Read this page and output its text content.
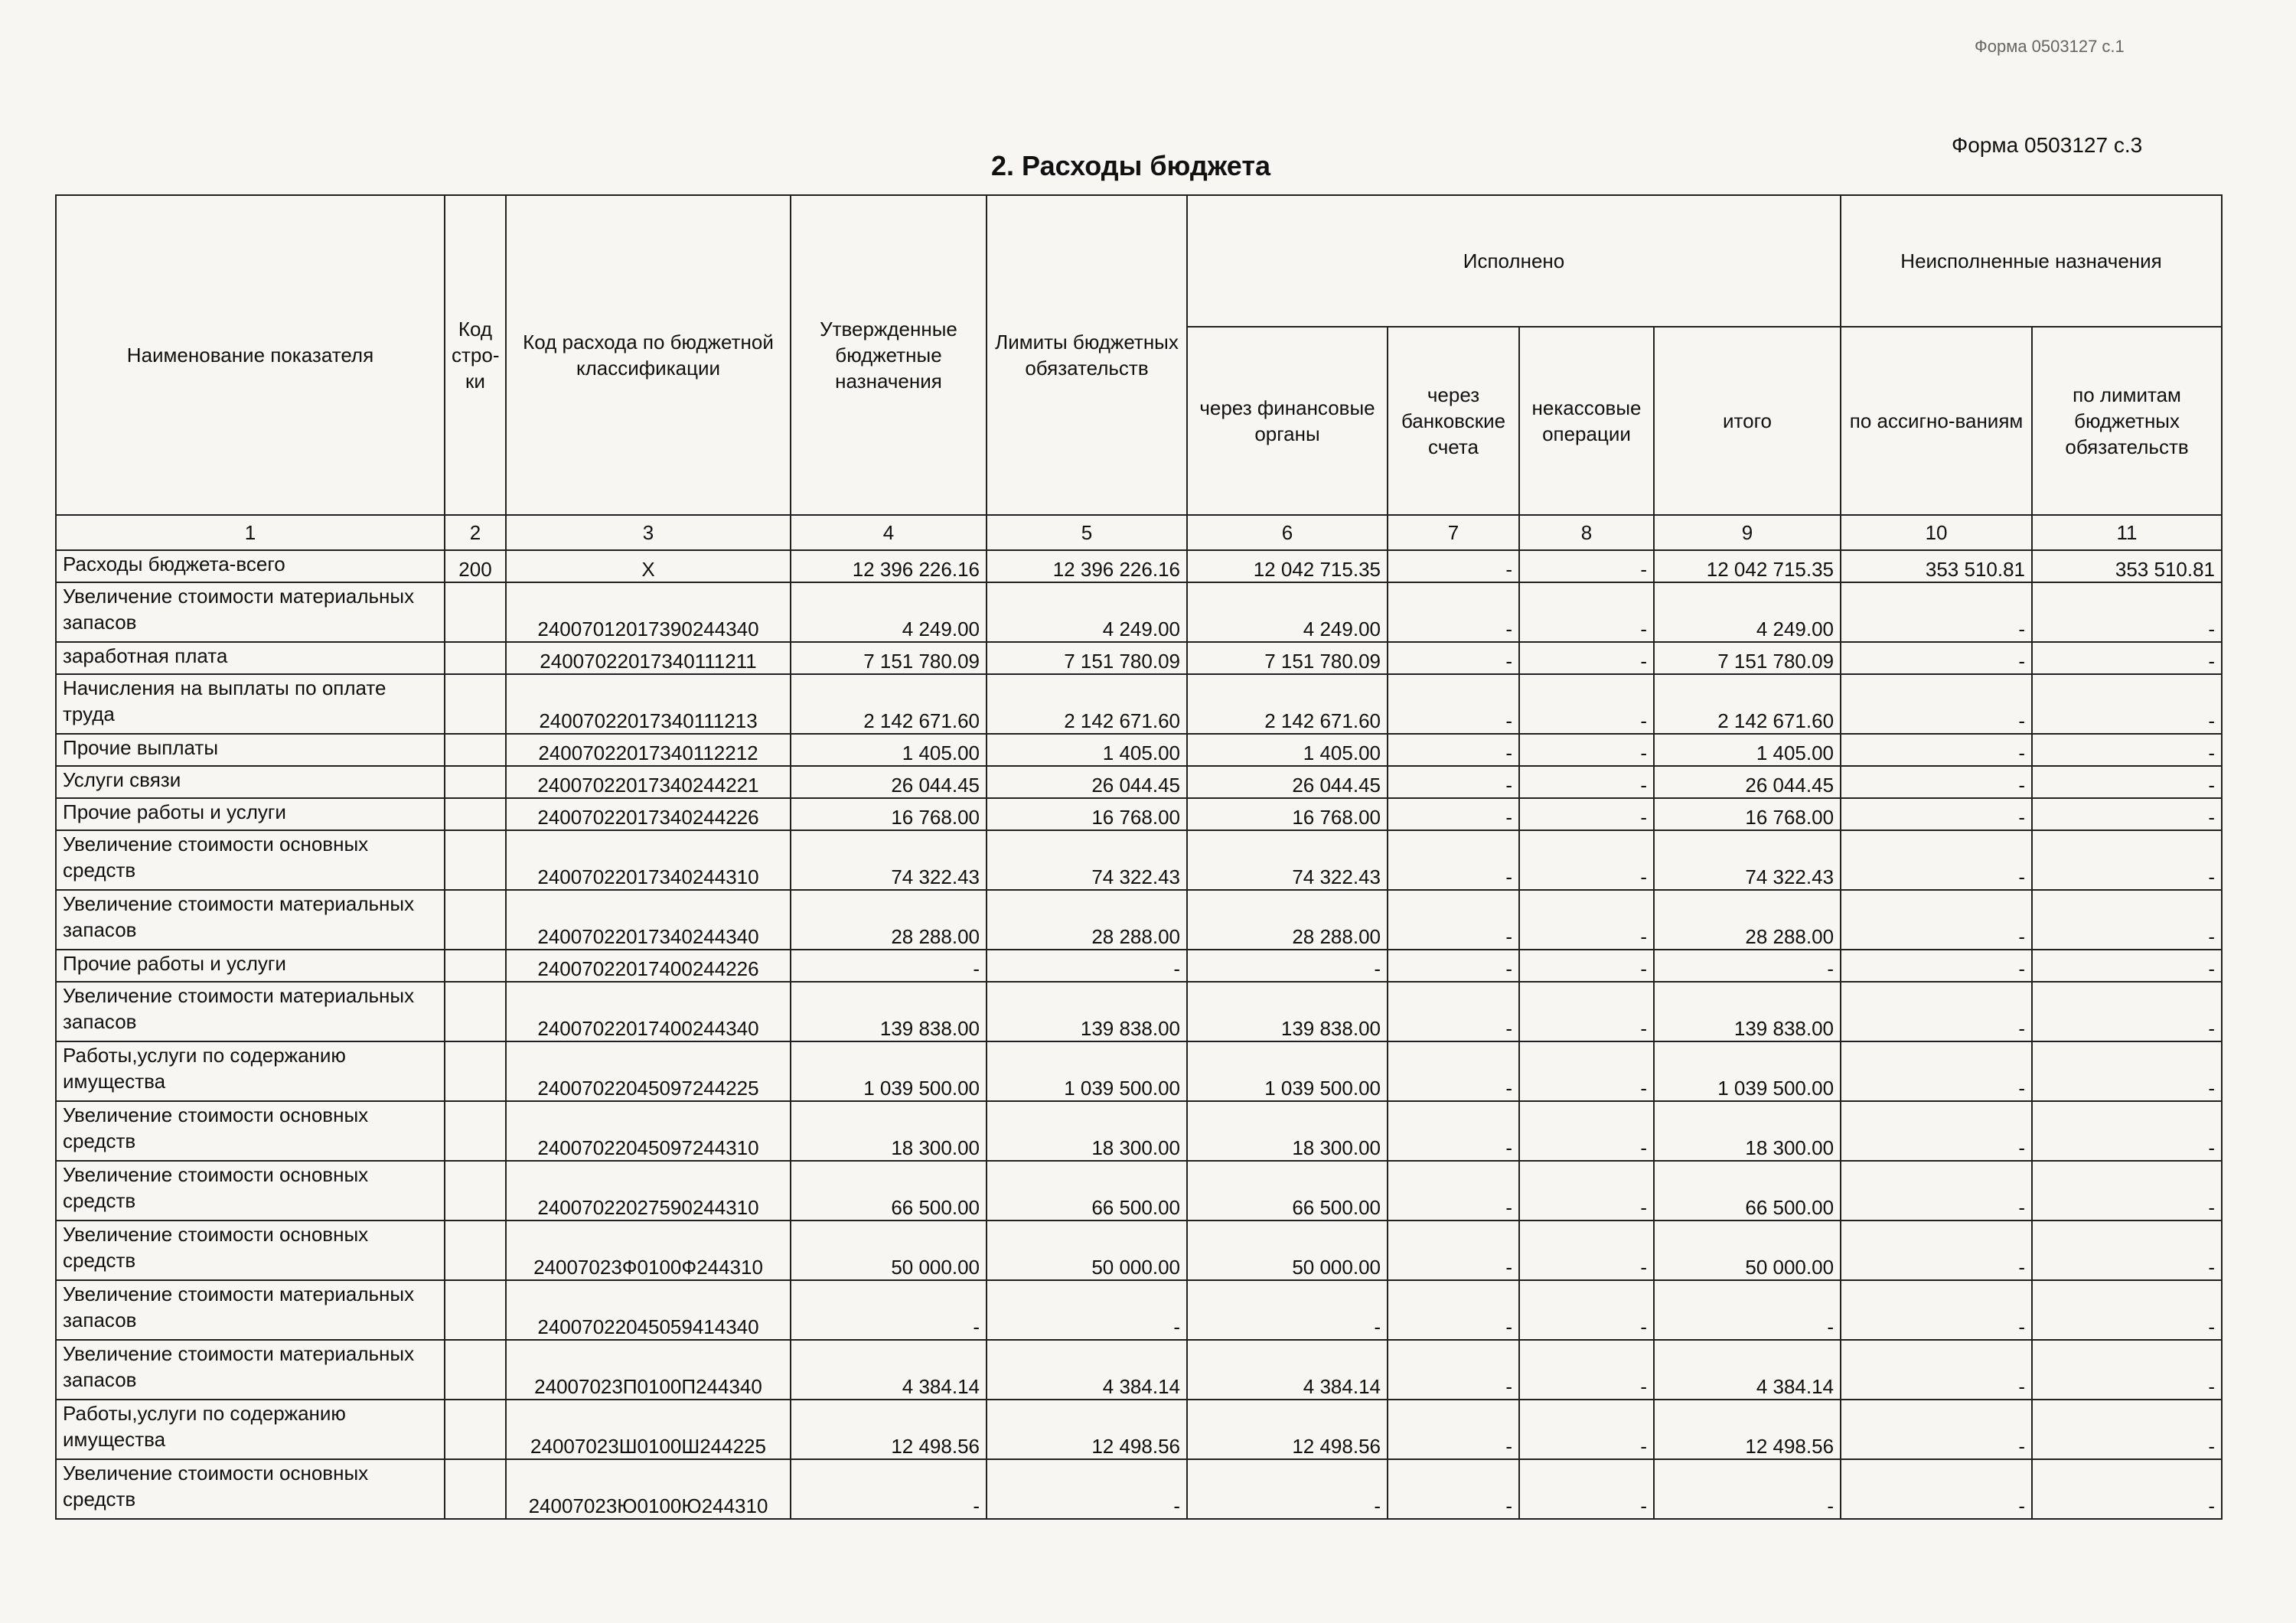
Форма 0503127 с.1
Форма 0503127 с.3
2. Расходы бюджета
Наименование показателя	Код стро-ки	Код расхода по бюджетной классификации	Утвержденные бюджетные назначения	Лимиты бюджетных обязательств	Исполнено				Неисполненные назначения	
					через финансовые органы	через банковские счета	некассовые операции	итого	по ассигно-ваниям	по лимитам бюджетных обязательств
1	2	3	4	5	6	7	8	9	10	11
Расходы бюджета-всего	200	X	12 396 226.16	12 396 226.16	12 042 715.35	-	-	12 042 715.35	353 510.81	353 510.81
Увеличение стоимости материальных запасов		24007012017390244340	4 249.00	4 249.00	4 249.00	-	-	4 249.00	-	-
заработная плата		24007022017340111211	7 151 780.09	7 151 780.09	7 151 780.09	-	-	7 151 780.09	-	-
Начисления на выплаты по оплате труда		24007022017340111213	2 142 671.60	2 142 671.60	2 142 671.60	-	-	2 142 671.60	-	-
Прочие выплаты		24007022017340112212	1 405.00	1 405.00	1 405.00	-	-	1 405.00	-	-
Услуги связи		24007022017340244221	26 044.45	26 044.45	26 044.45	-	-	26 044.45	-	-
Прочие работы и услуги		24007022017340244226	16 768.00	16 768.00	16 768.00	-	-	16 768.00	-	-
Увеличение стоимости основных средств		24007022017340244310	74 322.43	74 322.43	74 322.43	-	-	74 322.43	-	-
Увеличение стоимости материальных запасов		24007022017340244340	28 288.00	28 288.00	28 288.00	-	-	28 288.00	-	-
Прочие работы и услуги		24007022017400244226	-	-	-	-	-	-	-	-
Увеличение стоимости материальных запасов		24007022017400244340	139 838.00	139 838.00	139 838.00	-	-	139 838.00	-	-
Работы,услуги по содержанию имущества		24007022045097244225	1 039 500.00	1 039 500.00	1 039 500.00	-	-	1 039 500.00	-	-
Увеличение стоимости основных средств		24007022045097244310	18 300.00	18 300.00	18 300.00	-	-	18 300.00	-	-
Увеличение стоимости основных средств		24007022027590244310	66 500.00	66 500.00	66 500.00	-	-	66 500.00	-	-
Увеличение стоимости основных средств		24007023Ф0100Ф244310	50 000.00	50 000.00	50 000.00	-	-	50 000.00	-	-
Увеличение стоимости материальных запасов		24007022045059414340	-	-	-	-	-	-	-	-
Увеличение стоимости материальных запасов		24007023П0100П244340	4 384.14	4 384.14	4 384.14	-	-	4 384.14	-	-
Работы,услуги по содержанию имущества		24007023Ш0100Ш244225	12 498.56	12 498.56	12 498.56	-	-	12 498.56	-	-
Увеличение стоимости основных средств		24007023Ю0100Ю244310	-	-	-	-	-	-	-	-
